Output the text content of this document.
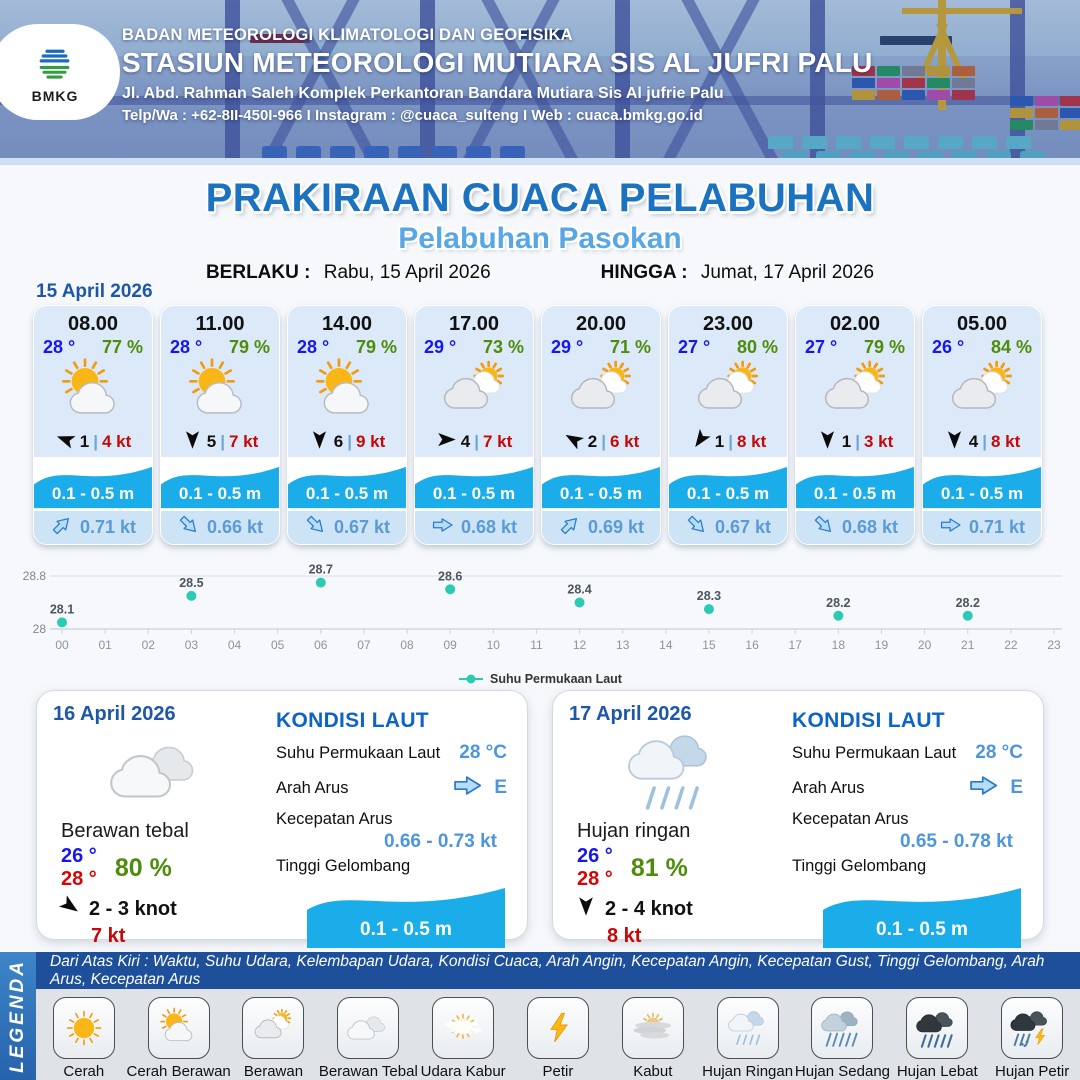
BMKG
BADAN METEOROLOGI KLIMATOLOGI DAN GEOFISIKA
STASIUN METEOROLOGI MUTIARA SIS AL JUFRI PALU
Jl. Abd. Rahman Saleh Komplek Perkantoran Bandara Mutiara Sis Al jufrie Palu
Telp/Wa : +62-8II-450I-966 I Instagram : @cuaca_sulteng I Web : cuaca.bmkg.go.id
PRAKIRAAN CUACA PELABUHAN
Pelabuhan Pasokan
BERLAKU : Rabu, 15 April 2026	HINGGA : Jumat, 17 April 2026
15 April 2026
08.00
28 ° 77 %
1 | 4 kt
0.1 - 0.5 m
0.71 kt
11.00
28 ° 79 %
5 | 7 kt
0.1 - 0.5 m
0.66 kt
14.00
28 ° 79 %
6 | 9 kt
0.1 - 0.5 m
0.67 kt
17.00
29 ° 73 %
4 | 7 kt
0.1 - 0.5 m
0.68 kt
20.00
29 ° 71 %
2 | 6 kt
0.1 - 0.5 m
0.69 kt
23.00
27 ° 80 %
1 | 8 kt
0.1 - 0.5 m
0.67 kt
02.00
27 ° 79 %
1 | 3 kt
0.1 - 0.5 m
0.68 kt
05.00
26 ° 84 %
4 | 8 kt
0.1 - 0.5 m
0.71 kt
28.8
28
00 01 02 03 04 05 06 07 08 09 10	11	12 13 14 15 16 17 18 19 20 21 22 23
28.1
28.5
28.7	28.6
28.4	28.3	28.2	28.2
Suhu Permukaan Laut
16 April 2026
Berawan tebal
26 °
28 ° 80 %
2 - 3 knot
7 kt
KONDISI LAUT
Suhu Permukaan Laut 28 °C
Arah Arus	E
Kecepatan Arus
0.66 - 0.73 kt
Tinggi Gelombang
0.1 - 0.5 m
17 April 2026
Hujan ringan
26 °
28 ° 81 %
2 - 4 knot
8 kt
KONDISI LAUT
Suhu Permukaan Laut 28 °C
Arah Arus	E
Kecepatan Arus
0.65 - 0.78 kt
Tinggi Gelombang
0.1 - 0.5 m
LEGENDA	Dari Atas Kiri : Waktu, Suhu Udara, Kelembapan Udara, Kondisi Cuaca, Arah Angin, Kecepatan Angin, Kecepatan Gust, Tinggi Gelombang, Arah Arus, Kecepatan Arus
Cerah Cerah Berawan Berawan Berawan Tebal Udara Kabur Petir	Kabut Hujan Ringan Hujan Sedang Hujan Lebat Hujan Petir
